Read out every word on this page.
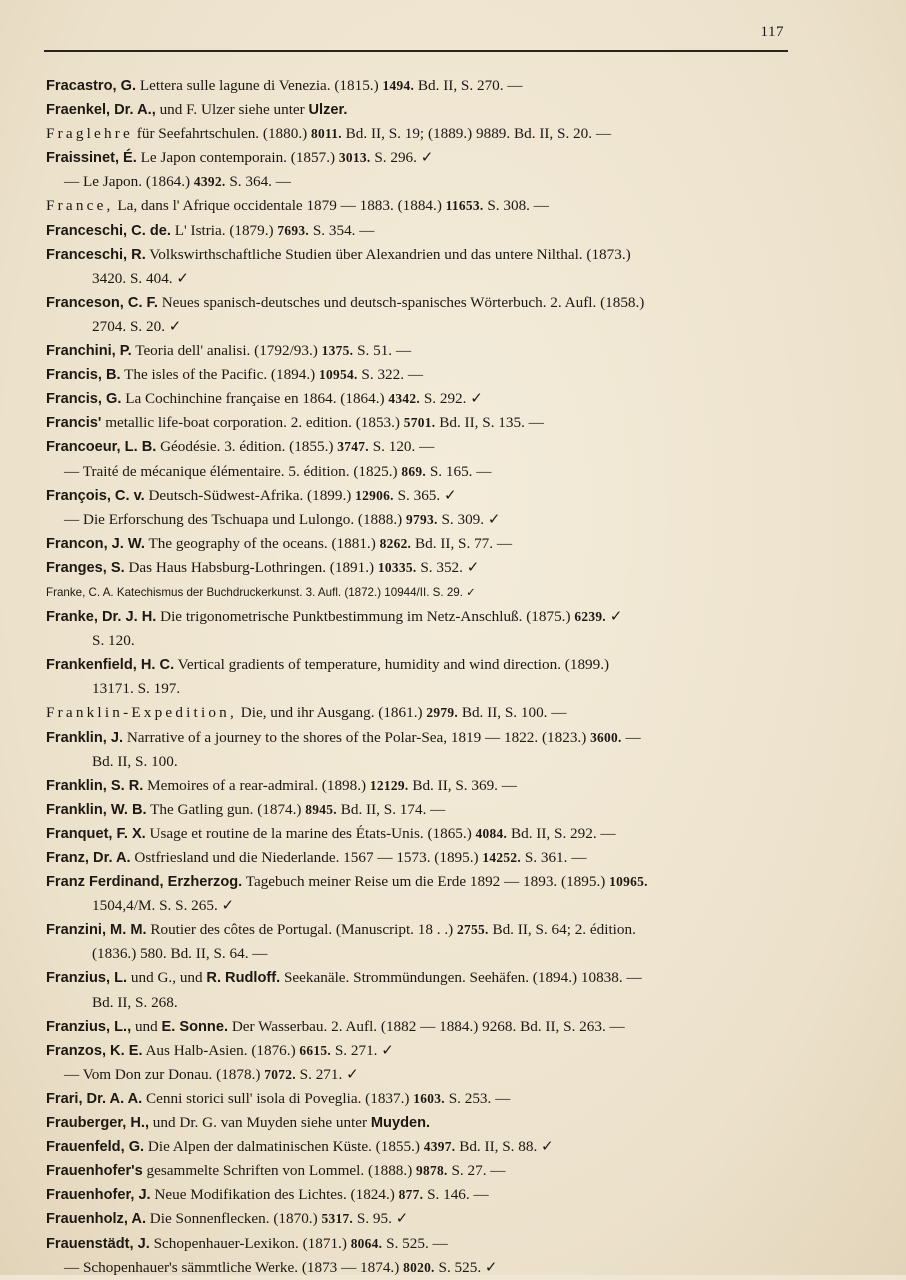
117
Fracastro, G. Lettera sulle lagune di Venezia. (1815.) 1494. Bd. II, S. 270. —
Fraenkel, Dr. A., und F. Ulzer siehe unter Ulzer.
Fraglehre für Seefahrtschulen. (1880.) 8011. Bd. II, S. 19; (1889.) 9889. Bd. II, S. 20. —
Fraissinet, É. Le Japon contemporain. (1857.) 3013. S. 296. ✓
— Le Japon. (1864.) 4392. S. 364. —
France, La, dans l' Afrique occidentale 1879 — 1883. (1884.) 11653. S. 308. —
Franceschi, C. de. L' Istria. (1879.) 7693. S. 354. —
Franceschi, R. Volkswirthschaftliche Studien über Alexandrien und das untere Nilthal. (1873.)
3420. S. 404. ✓
Franceson, C. F. Neues spanisch-deutsches und deutsch-spanisches Wörterbuch. 2. Aufl. (1858.)
2704. S. 20. ✓
Franchini, P. Teoria dell' analisi. (1792/93.) 1375. S. 51. —
Francis, B. The isles of the Pacific. (1894.) 10954. S. 322. —
Francis, G. La Cochinchine française en 1864. (1864.) 4342. S. 292. ✓
Francis' metallic life-boat corporation. 2. edition. (1853.) 5701. Bd. II, S. 135. —
Francoeur, L. B. Géodésie. 3. édition. (1855.) 3747. S. 120. —
— Traité de mécanique élémentaire. 5. édition. (1825.) 869. S. 165. —
François, C. v. Deutsch-Südwest-Afrika. (1899.) 12906. S. 365. ✓
— Die Erforschung des Tschuapa und Lulongo. (1888.) 9793. S. 309. ✓
Francon, J. W. The geography of the oceans. (1881.) 8262. Bd. II, S. 77. —
Franges, S. Das Haus Habsburg-Lothringen. (1891.) 10335. S. 352. ✓
Franke, C. A. Katechismus der Buchdruckerkunst. 3. Aufl. (1872.) 10944/II. S. 29. ✓
Franke, Dr. J. H. Die trigonometrische Punktbestimmung im Netz-Anschluß. (1875.) 6239. ✓
S. 120.
Frankenfield, H. C. Vertical gradients of temperature, humidity and wind direction. (1899.)
13171. S. 197.
Franklin-Expedition, Die, und ihr Ausgang. (1861.) 2979. Bd. II, S. 100. —
Franklin, J. Narrative of a journey to the shores of the Polar-Sea, 1819 — 1822. (1823.) 3600. —
Bd. II, S. 100.
Franklin, S. R. Memoires of a rear-admiral. (1898.) 12129. Bd. II, S. 369. —
Franklin, W. B. The Gatling gun. (1874.) 8945. Bd. II, S. 174. —
Franquet, F. X. Usage et routine de la marine des États-Unis. (1865.) 4084. Bd. II, S. 292. —
Franz, Dr. A. Ostfriesland und die Niederlande. 1567 — 1573. (1895.) 14252. S. 361. —
Franz Ferdinand, Erzherzog. Tagebuch meiner Reise um die Erde 1892 — 1893. (1895.) 10965.
1504,4/M. S. S. 265. ✓
Franzini, M. M. Routier des côtes de Portugal. (Manuscript. 18 . .) 2755. Bd. II, S. 64; 2. édition.
(1836.) 580. Bd. II, S. 64. —
Franzius, L. und G., und R. Rudloff. Seekanäle. Strommündungen. Seehäfen. (1894.) 10838. —
Bd. II, S. 268.
Franzius, L., und E. Sonne. Der Wasserbau. 2. Aufl. (1882 — 1884.) 9268. Bd. II, S. 263. —
Franzos, K. E. Aus Halb-Asien. (1876.) 6615. S. 271. ✓
— Vom Don zur Donau. (1878.) 7072. S. 271. ✓
Frari, Dr. A. A. Cenni storici sull' isola di Poveglia. (1837.) 1603. S. 253. —
Frauberger, H., und Dr. G. van Muyden siehe unter Muyden.
Frauenfeld, G. Die Alpen der dalmatinischen Küste. (1855.) 4397. Bd. II, S. 88. ✓
Frauenhofer's gesammelte Schriften von Lommel. (1888.) 9878. S. 27. —
Frauenhofer, J. Neue Modifikation des Lichtes. (1824.) 877. S. 146. —
Frauenholz, A. Die Sonnenflecken. (1870.) 5317. S. 95. ✓
Frauenstädt, J. Schopenhauer-Lexikon. (1871.) 8064. S. 525. —
— Schopenhauer's sämmtliche Werke. (1873 — 1874.) 8020. S. 525. ✓
